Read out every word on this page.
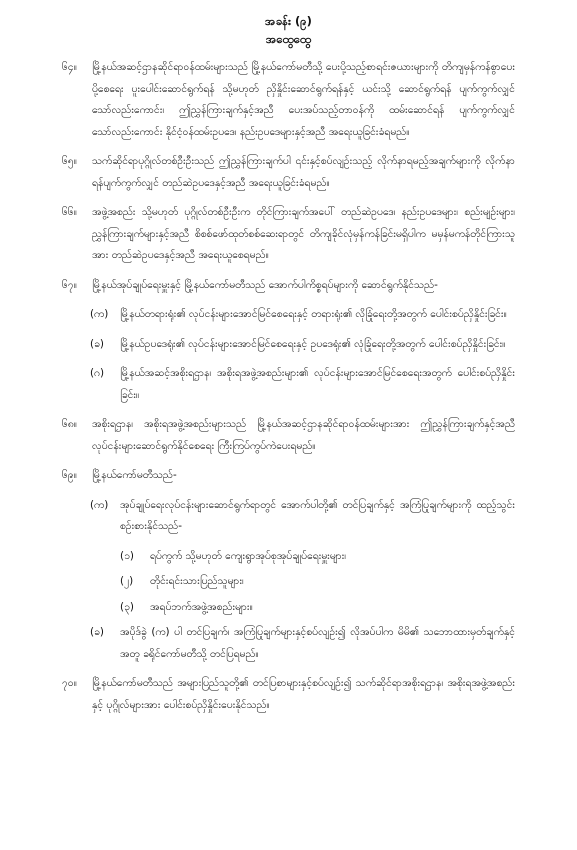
အခန်း (၉)
အထွေထွေ
၆၄။	မြို့နယ်အဆင့်ဌာနဆိုင်ရာဝန်ထမ်းများသည် မြို့နယ်ကော်မတီသို့ ပေးပို့သည့်စာရင်းဇယားများကို တိကျမှန်ကန်စွာပေးပို့စေရေး ပူးပေါင်းဆောင်ရွက်ရန် သို့မဟုတ် ညှိနှိုင်းဆောင်ရွက်ရန်နှင့် ယင်းသို့ ဆောင်ရွက်ရန် ပျက်ကွက်လျှင်သော်လည်းကောင်း၊ ဤညွှန်ကြားချက်နှင့်အညီ ပေးအပ်သည့်တာဝန်ကို ထမ်းဆောင်ရန် ပျက်ကွက်လျှင်သော်လည်းကောင်း နိုင်ငံ့ဝန်ထမ်းဥပဒေ၊ နည်းဥပဒေများနှင့်အညီ အရေးယူခြင်းခံရမည်။
၆၅။	သက်ဆိုင်ရာပုဂ္ဂိုလ်တစ်ဦးဦးသည် ဤညွှန်ကြားချက်ပါ ၎င်းနှင့်စပ်လျဉ်းသည့် လိုက်နာရမည့်အချက်များကို လိုက်နာရန်ပျက်ကွက်လျှင် တည်ဆဲဥပဒေနှင့်အညီ အရေးယူခြင်းခံရမည်။
၆၆။	အဖွဲ့အစည်း သို့မဟုတ် ပုဂ္ဂိုလ်တစ်ဦးဦးက တိုင်ကြားချက်အပေါ် တည်ဆဲဥပဒေ၊ နည်းဥပဒေများ၊ စည်းမျဉ်းများ၊ ညွှန်ကြားချက်များနှင့်အညီ စိစစ်ဖော်ထုတ်စစ်ဆေးရာတွင် တိကျခိုင်လုံမှန်ကန်ခြင်းမရှိပါက မမှန်မကန်တိုင်ကြားသူအား တည်ဆဲဥပဒေနှင့်အညီ အရေးယူစေရမည်။
၆၇။	မြို့နယ်အုပ်ချုပ်ရေးမှူးနှင့် မြို့နယ်ကော်မတီသည် အောက်ပါကိစ္စရပ်များကို ဆောင်ရွက်နိုင်သည်-
(က)	မြို့နယ်တရားရုံး၏ လုပ်ငန်းများအောင်မြင်စေရေးနှင့် တရားရုံး၏ လိုခြုံရေးတို့အတွက် ပေါင်းစပ်ညှိနှိုင်းခြင်း။
(ခ)	မြို့နယ်ဥပဒေရုံး၏ လုပ်ငန်းများအောင်မြင်စေရေးနှင့် ဥပဒေရုံး၏ လုံခြုံရေးတို့အတွက် ပေါင်းစပ်ညှိနှိုင်းခြင်း။
(ဂ)	မြို့နယ်အဆင့်အစိုးရဌာန၊ အစိုးရအဖွဲ့အစည်းများ၏ လုပ်ငန်းများအောင်မြင်စေရေးအတွက် ပေါင်းစပ်ညှိနှိုင်းခြင်း။
၆၈။	အစိုးရဌာန၊ အစိုးရအဖွဲ့အစည်းများသည် မြို့နယ်အဆင့်ဌာနဆိုင်ရာဝန်ထမ်းများအား ဤညွှန်ကြားချက်နှင့်အညီ လုပ်ငန်းများဆောင်ရွက်နိုင်စေရေး ကြီးကြပ်ကွပ်ကဲပေးရမည်။
၆၉။	မြို့နယ်ကော်မတီသည်-
(က)	အုပ်ချုပ်ရေးလုပ်ငန်းများဆောင်ရွက်ရာတွင် အောက်ပါတို့၏ တင်ပြချက်နှင့် အကြံပြုချက်များကို ထည့်သွင်းစဉ်းစားနိုင်သည်-
(၁)	ရပ်ကွက် သို့မဟုတ် ကျေးရွာအုပ်စုအုပ်ချုပ်ရေးမှူးများ၊
(၂)	တိုင်းရင်းသားပြည်သူများ၊
(၃)	အရပ်ဘက်အဖွဲ့အစည်းများ။
(ခ)	အပိုဒ်ခွဲ (က) ပါ တင်ပြချက်၊ အကြံပြုချက်များနှင့်စပ်လျဉ်း၍ လိုအပ်ပါက မိမိ၏ သဘောထားမှတ်ချက်နှင့်အတူ ခရိုင်ကော်မတီသို့ တင်ပြရမည်။
၇၀။	မြို့နယ်ကော်မတီသည် အများပြည်သူတို့၏ တင်ပြစာများနှင့်စပ်လျဉ်း၍ သက်ဆိုင်ရာအစိုးရဌာန၊ အစိုးရအဖွဲ့အစည်းနှင့် ပုဂ္ဂိုလ်များအား ပေါင်းစပ်ညှိနှိုင်းပေးနိုင်သည်။
